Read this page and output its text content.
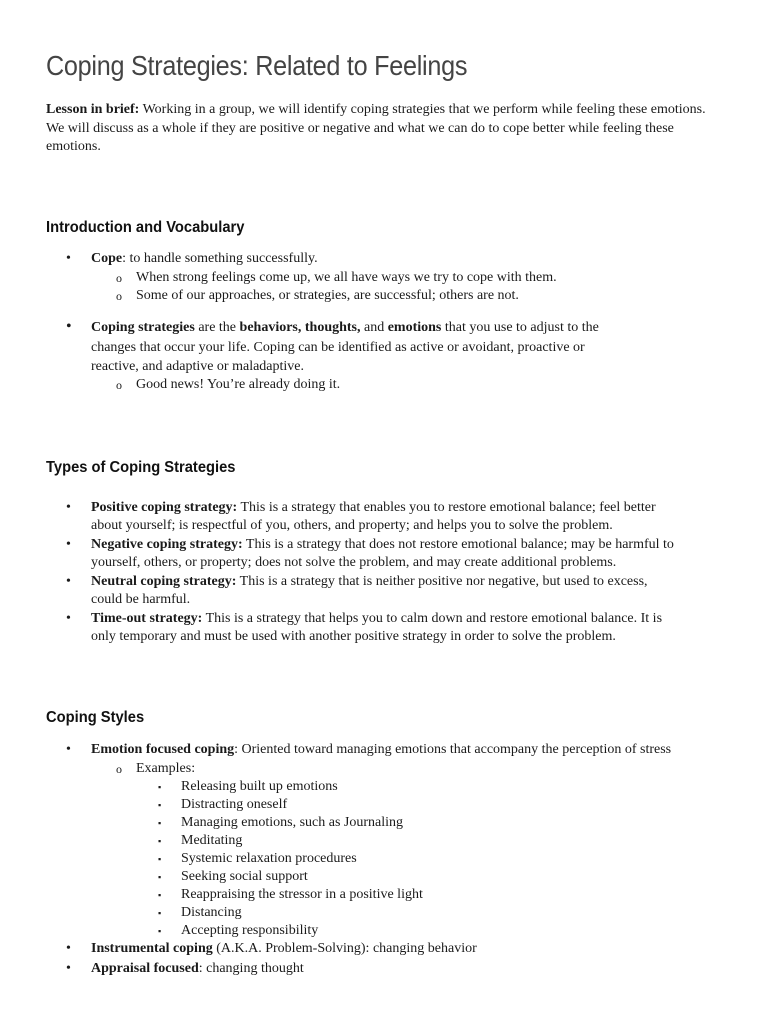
Coping Strategies: Related to Feelings

Lesson in brief: Working in a group, we will identify coping strategies that we perform while feeling these emotions. We will discuss as a whole if they are positive or negative and what we can do to cope better while feeling these emotions.

Introduction and Vocabulary
• Cope: to handle something successfully.

o When strong feelings come up, we all have ways we try to cope with them.

o Some of our approaches, or strategies, are successful; others are not.

• Coping strategies are the behaviors, thoughts, and emotions that you use to adjust to the
changes that occur your life. Coping can be identified as active or avoidant, proactive or
reactive, and adaptive or maladaptive.

o Good news! You’re already doing it.

Types of Coping Strategies
• Positive coping strategy: This is a strategy that enables you to restore emotional balance; feel better
about yourself; is respectful of you, others, and property; and helps you to solve the problem.

• Negative coping strategy: This is a strategy that does not restore emotional balance; may be harmful to
yourself, others, or property; does not solve the problem, and may create additional problems.

• Neutral coping strategy: This is a strategy that is neither positive nor negative, but used to excess,
could be harmful.

• Time-out strategy: This is a strategy that helps you to calm down and restore emotional balance. It is
only temporary and must be used with another positive strategy in order to solve the problem.

Coping Styles
• Emotion focused coping: Oriented toward managing emotions that accompany the perception of stress

o Examples:

▪ Releasing built up emotions

▪ Distracting oneself

▪ Managing emotions, such as Journaling

▪ Meditating

▪ Systemic relaxation procedures

▪ Seeking social support

▪ Reappraising the stressor in a positive light

▪ Distancing

▪ Accepting responsibility

• Instrumental coping (A.K.A. Problem-Solving): changing behavior

• Appraisal focused: changing thought
